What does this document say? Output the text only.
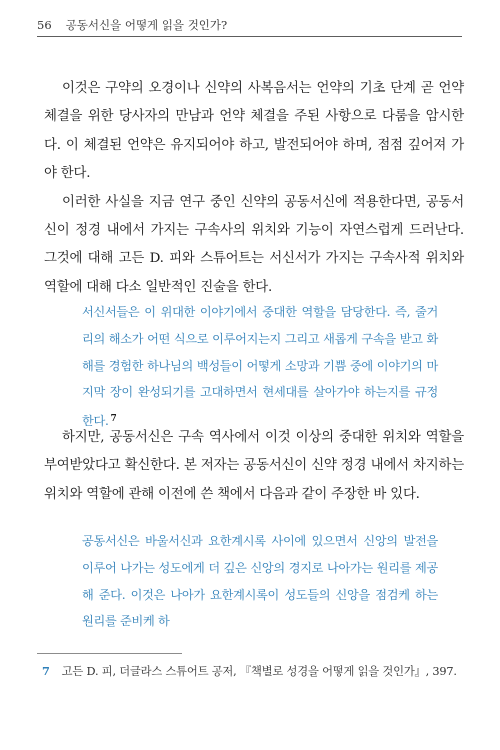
56 공동서신을 어떻게 읽을 것인가?

이것은 구약의 오경이나 신약의 사복음서는 언약의 기초 단계 곧 언약 체결을 위한 당사자의 만남과 언약 체결을 주된 사항으로 다룸을 암시한다. 이 체결된 언약은 유지되어야 하고, 발전되어야 하며, 점점 깊어져 가야 한다.

이러한 사실을 지금 연구 중인 신약의 공동서신에 적용한다면, 공동서신이 정경 내에서 가지는 구속사의 위치와 기능이 자연스럽게 드러난다. 그것에 대해 고든 D. 피와 스튜어트는 서신서가 가지는 구속사적 위치와 역할에 대해 다소 일반적인 진술을 한다.

서신서들은 이 위대한 이야기에서 중대한 역할을 담당한다. 즉, 줄거리의 해소가 어떤 식으로 이루어지는지 그리고 새롭게 구속을 받고 화해를 경험한 하나님의 백성들이 어떻게 소망과 기쁨 중에 이야기의 마지막 장이 완성되기를 고대하면서 현세대를 살아가야 하는지를 규정한다. $^7$

하지만, 공동서신은 구속 역사에서 이것 이상의 중대한 위치와 역할을 부여받았다고 확신한다. 본 저자는 공동서신이 신약 정경 내에서 차지하는 위치와 역할에 관해 이전에 쓴 책에서 다음과 같이 주장한 바 있다.

공동서신은 바울서신과 요한계시록 사이에 있으면서 신앙의 발전을 이루어 나가는 성도에게 더 깊은 신앙의 경지로 나아가는 원리를 제공해 준다. 이것은 나아가 요한계시록이 성도들의 신앙을 점검케 하는 원리를 준비케 하

7 고든 D. 피, 더글라스 스튜어트 공저, 『책별로 성경을 어떻게 읽을 것인가』, 397.
